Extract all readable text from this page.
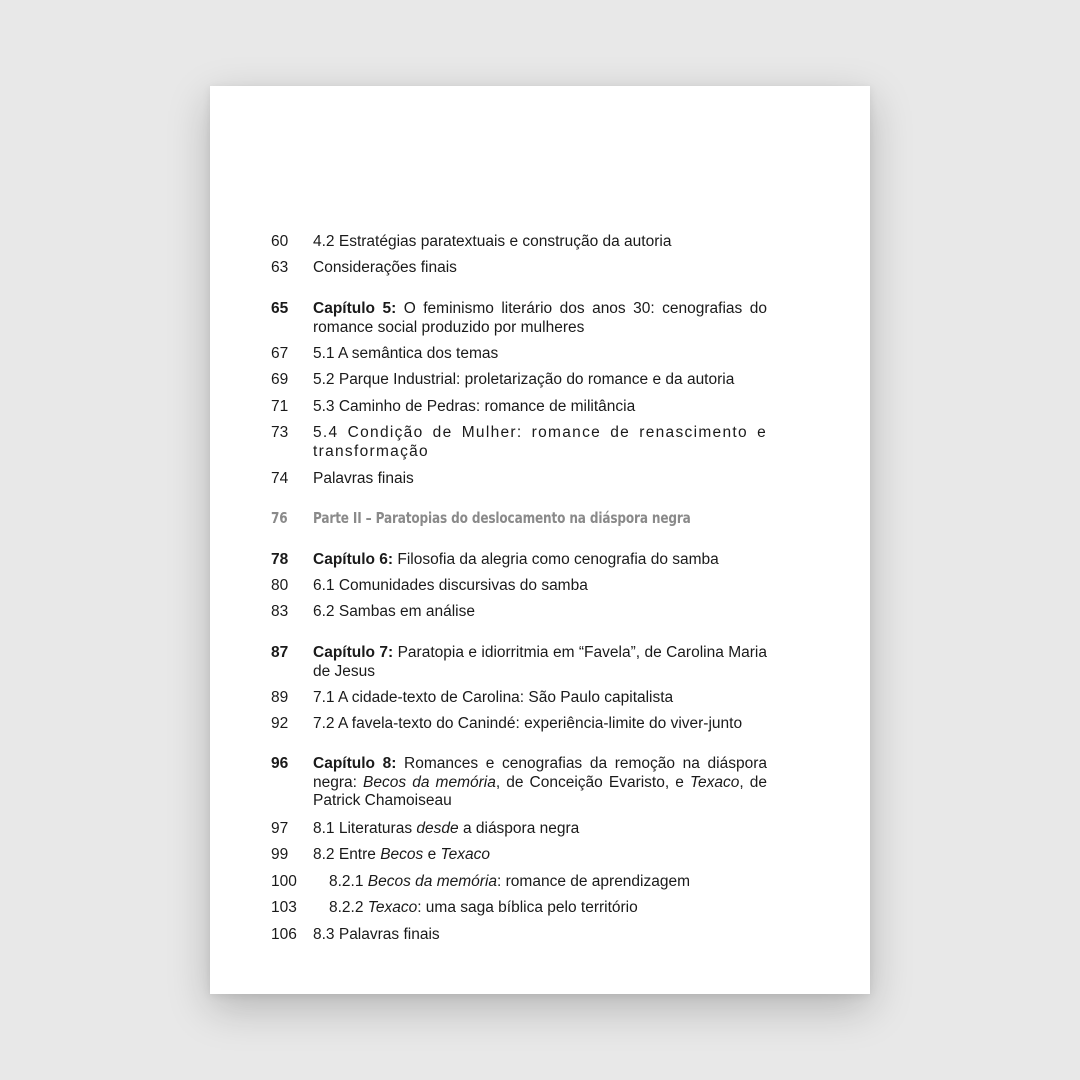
60 4.2 Estratégias paratextuais e construção da autoria
63 Considerações finais
65 Capítulo 5: O feminismo literário dos anos 30: cenografias do romance social produzido por mulheres
67 5.1 A semântica dos temas
69 5.2 Parque Industrial: proletarização do romance e da autoria
71 5.3 Caminho de Pedras: romance de militância
73 5.4 Condição de Mulher: romance de renascimento e transformação
74 Palavras finais
76 Parte II – Paratopias do deslocamento na diáspora negra
78 Capítulo 6: Filosofia da alegria como cenografia do samba
80 6.1 Comunidades discursivas do samba
83 6.2 Sambas em análise
87 Capítulo 7: Paratopia e idiorritmia em “Favela”, de Carolina Maria de Jesus
89 7.1 A cidade-texto de Carolina: São Paulo capitalista
92 7.2 A favela-texto do Canindé: experiência-limite do viver-junto
96 Capítulo 8: Romances e cenografias da remoção na diáspora negra: Becos da memória, de Conceição Evaristo, e Texaco, de Patrick Chamoiseau
97 8.1 Literaturas desde a diáspora negra
99 8.2 Entre Becos e Texaco
100 8.2.1 Becos da memória: romance de aprendizagem
103 8.2.2 Texaco: uma saga bíblica pelo território
106 8.3 Palavras finais
